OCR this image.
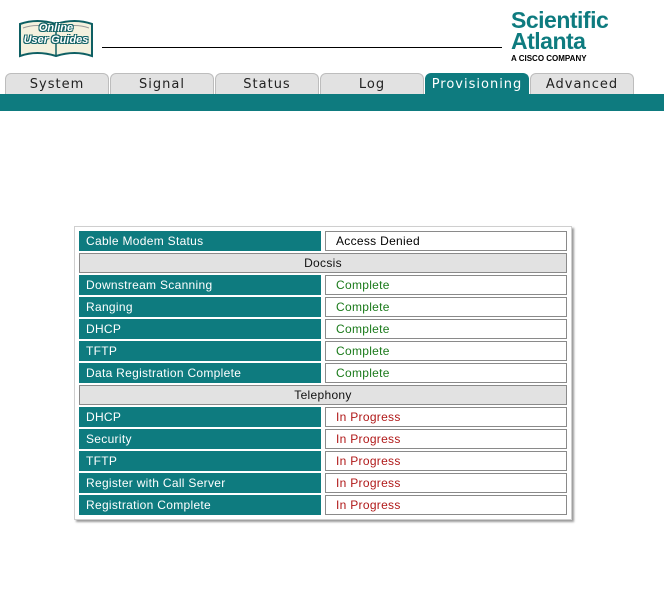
Online
User Guides
Scientific
Atlanta
A CISCO COMPANY
System	Signal	Status	Log	Provisioning	Advanced
Cable Modem Status	Access Denied
Docsis
Downstream Scanning	Complete
Ranging	Complete
DHCP	Complete
TFTP	Complete
Data Registration Complete	Complete
Telephony
DHCP	In Progress
Security	In Progress
TFTP	In Progress
Register with Call Server	In Progress
Registration Complete	In Progress
